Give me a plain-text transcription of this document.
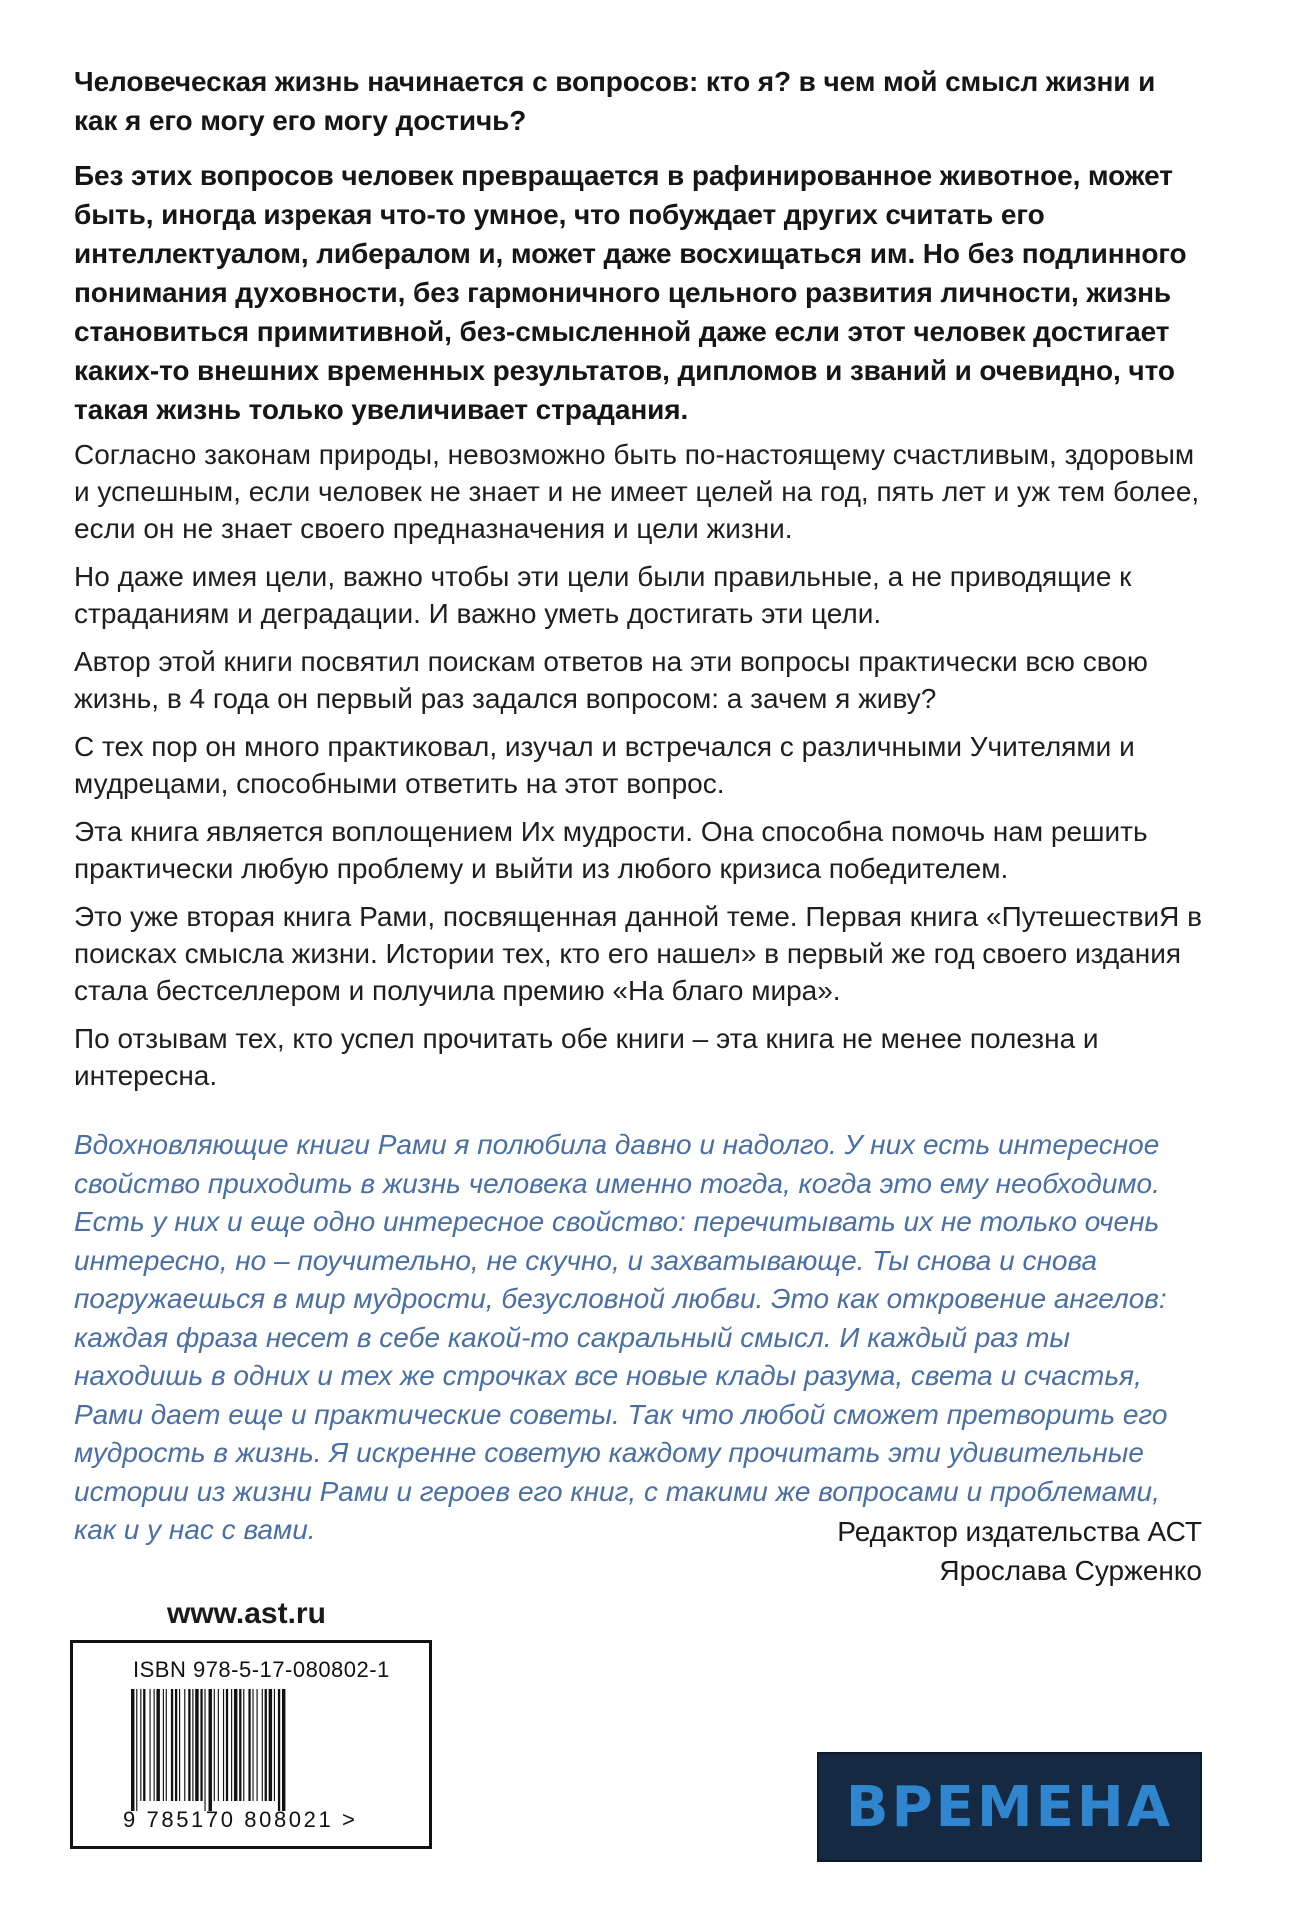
Человеческая жизнь начинается с вопросов: кто я? в чем мой смысл жизни и как я его могу его могу достичь?

Без этих вопросов человек превращается в рафинированное животное, может быть, иногда изрекая что-то умное, что побуждает других считать его интеллектуалом, либералом и, может даже восхищаться им. Но без подлинного понимания духовности, без гармоничного цельного развития личности, жизнь становиться примитивной, без-смысленной даже если этот человек достигает каких-то внешних временных результатов, дипломов и званий и очевидно, что такая жизнь только увеличивает страдания.

Согласно законам природы, невозможно быть по-настоящему счастливым, здоровым и успешным, если человек не знает и не имеет целей на год, пять лет и уж тем более, если он не знает своего предназначения и цели жизни.

Но даже имея цели, важно чтобы эти цели были правильные, а не приводящие к страданиям и деградации. И важно уметь достигать эти цели.

Автор этой книги посвятил поискам ответов на эти вопросы практически всю свою жизнь, в 4 года он первый раз задался вопросом: а зачем я живу?

С тех пор он много практиковал, изучал и встречался с различными Учителями и мудрецами, способными ответить на этот вопрос.

Эта книга является воплощением Их мудрости. Она способна помочь нам решить практически любую проблему и выйти из любого кризиса победителем.

Это уже вторая книга Рами, посвященная данной теме. Первая книга «ПутешествиЯ в поисках смысла жизни. Истории тех, кто его нашел» в первый же год своего издания стала бестселлером и получила премию «На благо мира».

По отзывам тех, кто успел прочитать обе книги – эта книга не менее полезна и интересна.

Вдохновляющие книги Рами я полюбила давно и надолго. У них есть интересное свойство приходить в жизнь человека именно тогда, когда это ему необходимо. Есть у них и еще одно интересное свойство: перечитывать их не только очень интересно, но – поучительно, не скучно, и захватывающе. Ты снова и снова погружаешься в мир мудрости, безусловной любви. Это как откровение ангелов: каждая фраза несет в себе какой-то сакральный смысл. И каждый раз ты находишь в одних и тех же строчках все новые клады разума, света и счастья, Рами дает еще и практические советы. Так что любой сможет претворить его мудрость в жизнь. Я искренне советую каждому прочитать эти удивительные истории из жизни Рами и героев его книг, с такими же вопросами и проблемами, как и у нас с вами.	Редактор издательства АСТ
Ярослава Сурженко
www.ast.ru
ISBN 978-5-17-080802-1
9 785170 808021 >	ВРЕМЕНА
